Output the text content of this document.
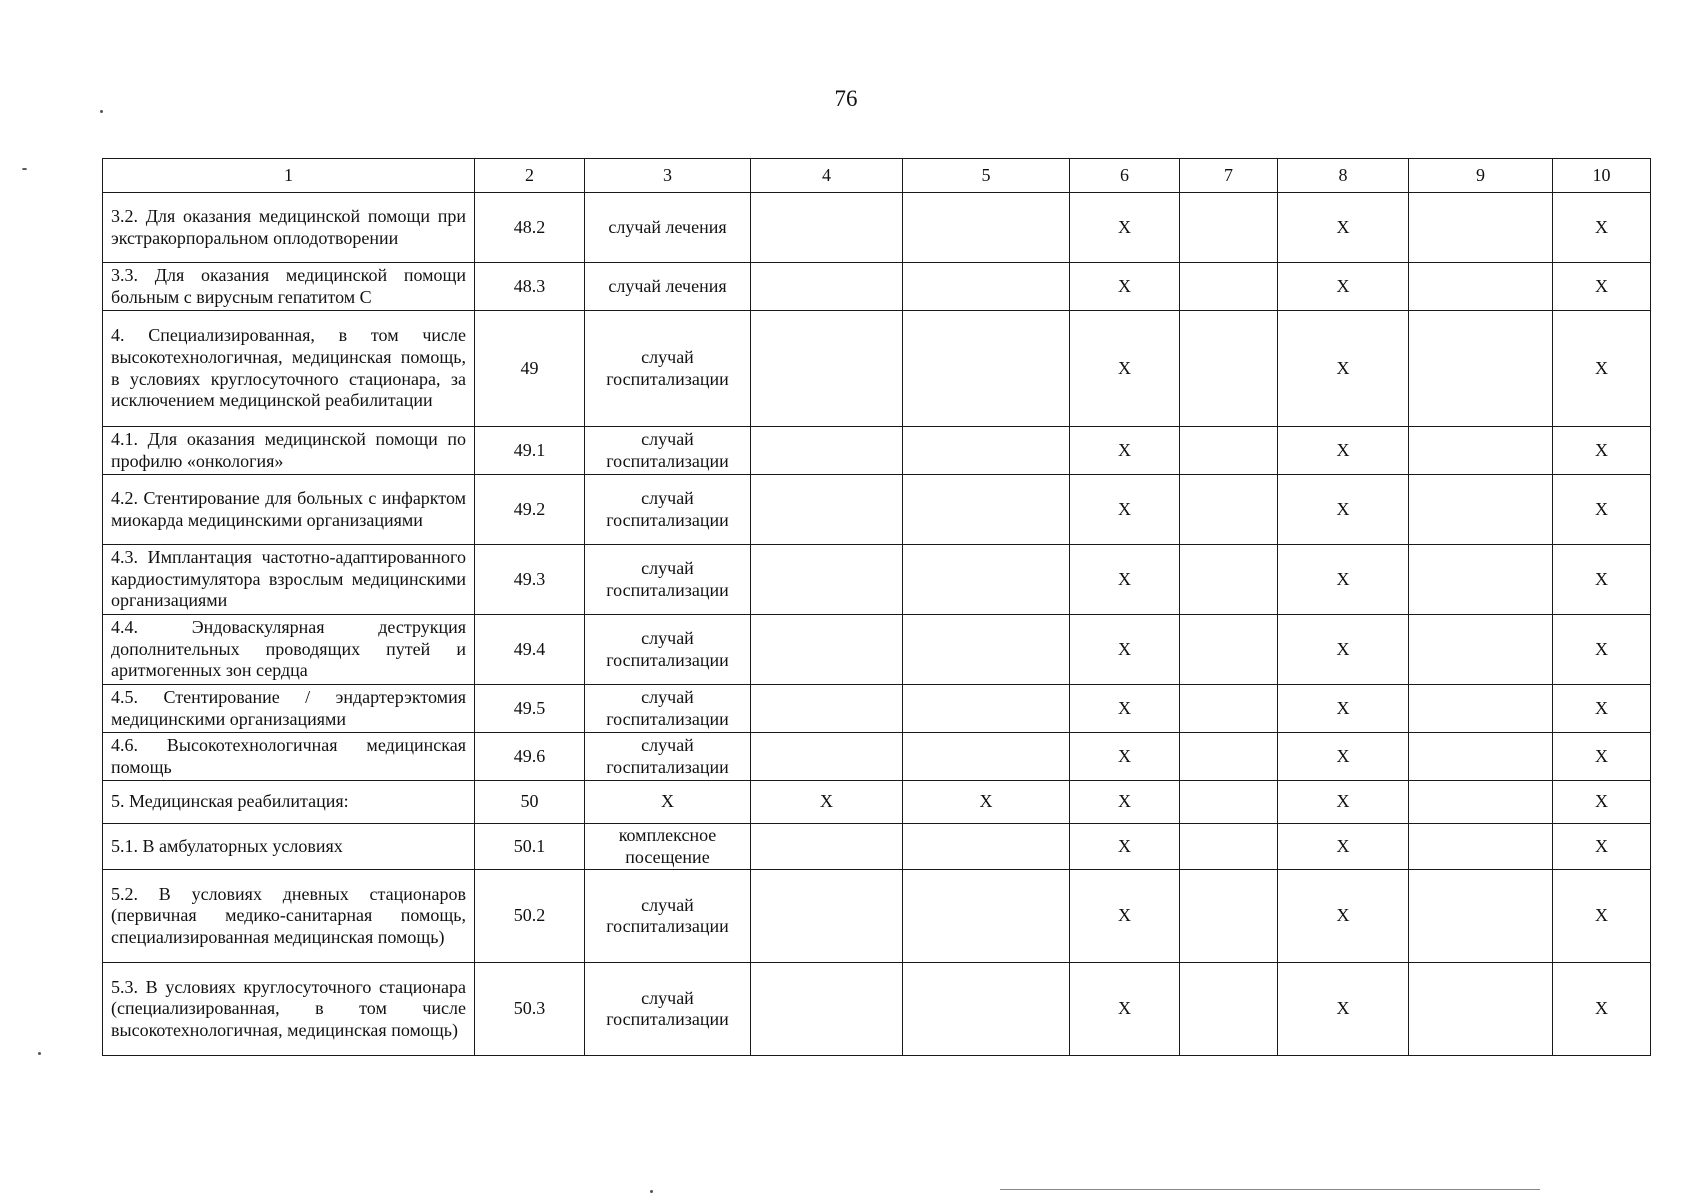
76
1	2	3	4	5	6	7	8	9	10
3.2. Для оказания медицинской помощи при экстракорпоральном оплодотворении	48.2	случай лечения			X		X		X
3.3. Для оказания медицинской помощи больным с вирусным гепатитом С	48.3	случай лечения			X		X		X
4. Специализированная, в том числе высокотехнологичная, медицинская помощь, в условиях круглосуточного стационара, за исключением медицинской реабилитации	49	случай госпитализации			X		X		X
4.1. Для оказания медицинской помощи по профилю «онкология»	49.1	случай госпитализации			X		X		X
4.2. Стентирование для больных с инфарктом миокарда медицинскими организациями	49.2	случай госпитализации			X		X		X
4.3. Имплантация частотно-адаптированного кардиостимулятора взрослым медицинскими организациями	49.3	случай госпитализации			X		X		X
4.4. Эндоваскулярная деструкция дополнительных проводящих путей и аритмогенных зон сердца	49.4	случай госпитализации			X		X		X
4.5. Стентирование / эндартерэктомия медицинскими организациями	49.5	случай госпитализации			X		X		X
4.6. Высокотехнологичная медицинская помощь	49.6	случай госпитализации			X		X		X
5. Медицинская реабилитация:	50	X	X	X	X		X		X
5.1. В амбулаторных условиях	50.1	комплексное посещение			X		X		X
5.2. В условиях дневных стационаров (первичная медико-санитарная помощь, специализированная медицинская помощь)	50.2	случай госпитализации			X		X		X
5.3. В условиях круглосуточного стационара (специализированная, в том числе высокотехнологичная, медицинская помощь)	50.3	случай госпитализации			X		X		X
